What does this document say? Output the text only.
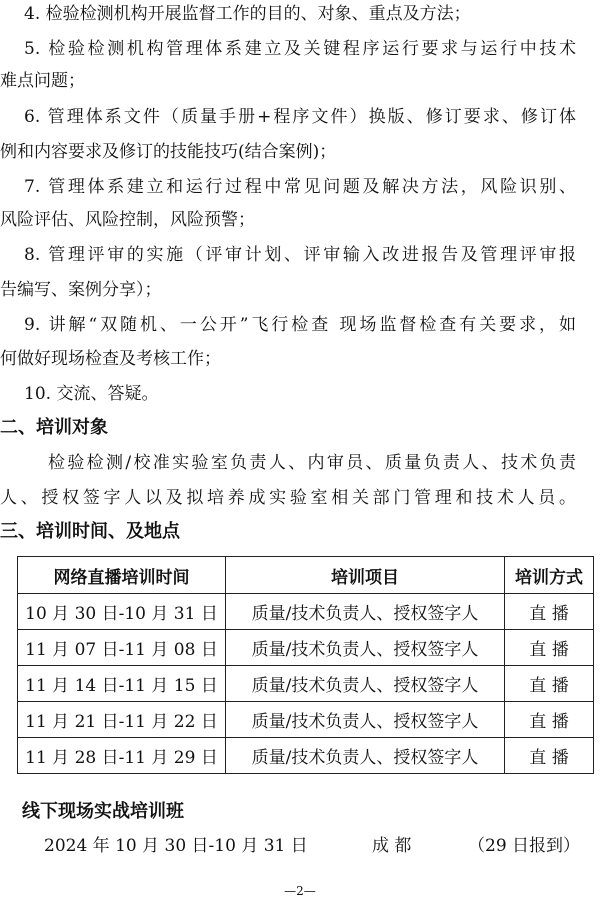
4. 检验检测机构开展监督工作的目的、对象、重点及方法；
5. 检验检测机构管理体系建立及关键程序运行要求与运行中技术
难点问题；
6. 管理体系文件（质量手册+程序文件）换版、修订要求、修订体
例和内容要求及修订的技能技巧(结合案例)；
7. 管理体系建立和运行过程中常见问题及解决方法，风险识别、
风险评估、风险控制，风险预警；
8. 管理评审的实施（评审计划、评审输入改进报告及管理评审报
告编写、案例分享）；
9. 讲解“双随机、一公开”飞行检查 现场监督检查有关要求，如
何做好现场检查及考核工作；
10. 交流、答疑。
二、培训对象
检验检测/校准实验室负责人、内审员、质量负责人、技术负责
人、授权签字人以及拟培养成实验室相关部门管理和技术人员。
三、培训时间、及地点
网络直播培训时间	培训项目	培训方式
10 月 30 日-10 月 31 日	质量/技术负责人、授权签字人	直 播
11 月 07 日-11 月 08 日	质量/技术负责人、授权签字人	直 播
11 月 14 日-11 月 15 日	质量/技术负责人、授权签字人	直 播
11 月 21 日-11 月 22 日	质量/技术负责人、授权签字人	直 播
11 月 28 日-11 月 29 日	质量/技术负责人、授权签字人	直 播
线下现场实战培训班
2024 年 10 月 30 日-10 月 31 日	成 都	（29 日报到）
—2—
